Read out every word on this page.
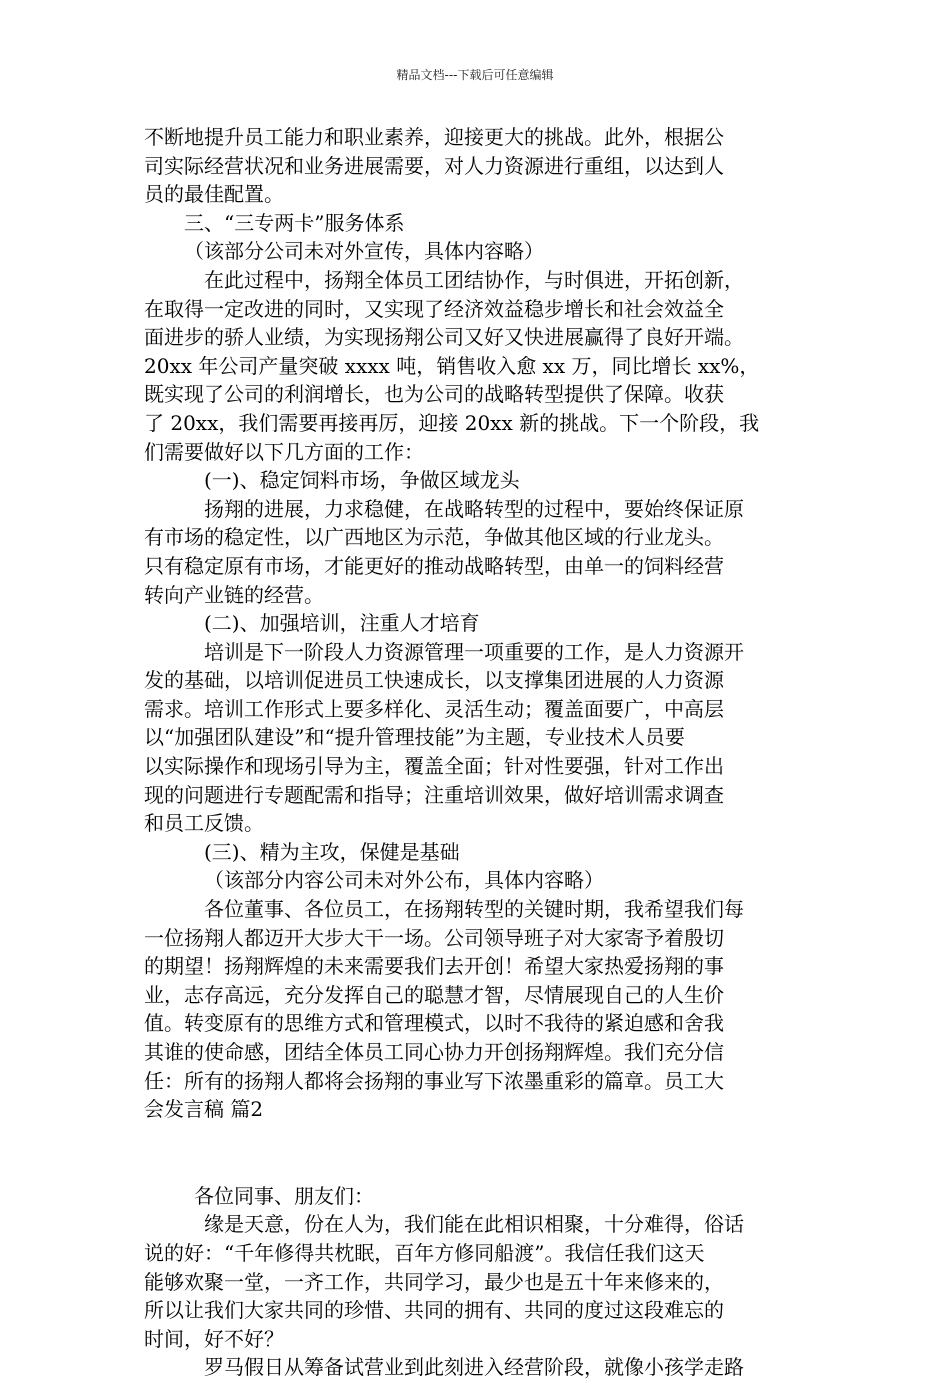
精品文档---下载后可任意编辑

不断地提升员工能力和职业素养，迎接更大的挑战。此外，根据公

司实际经营状况和业务进展需要，对人力资源进行重组，以达到人

员的最佳配置。

三、“三专两卡”服务体系

（该部分公司未对外宣传，具体内容略）

在此过程中，扬翔全体员工团结协作，与时俱进，开拓创新，

在取得一定改进的同时，又实现了经济效益稳步增长和社会效益全

面进步的骄人业绩，为实现扬翔公司又好又快进展赢得了良好开端。

20xx 年公司产量突破 xxxx 吨，销售收入愈 xx 万，同比增长 xx%，

既实现了公司的利润增长，也为公司的战略转型提供了保障。收获

了 20xx，我们需要再接再厉，迎接 20xx 新的挑战。下一个阶段，我

们需要做好以下几方面的工作：

(一)、稳定饲料市场，争做区域龙头

扬翔的进展，力求稳健，在战略转型的过程中，要始终保证原

有市场的稳定性，以广西地区为示范，争做其他区域的行业龙头。

只有稳定原有市场，才能更好的推动战略转型，由单一的饲料经营

转向产业链的经营。

(二)、加强培训，注重人才培育

培训是下一阶段人力资源管理一项重要的工作，是人力资源开

发的基础，以培训促进员工快速成长，以支撑集团进展的人力资源

需求。培训工作形式上要多样化、灵活生动；覆盖面要广，中高层

以“加强团队建设”和“提升管理技能”为主题，专业技术人员要

以实际操作和现场引导为主，覆盖全面；针对性要强，针对工作出

现的问题进行专题配需和指导；注重培训效果，做好培训需求调查

和员工反馈。

(三)、精为主攻，保健是基础

（该部分内容公司未对外公布，具体内容略）

各位董事、各位员工，在扬翔转型的关键时期，我希望我们每

一位扬翔人都迈开大步大干一场。公司领导班子对大家寄予着殷切

的期望！扬翔辉煌的未来需要我们去开创！希望大家热爱扬翔的事

业，志存高远，充分发挥自己的聪慧才智，尽情展现自己的人生价

值。转变原有的思维方式和管理模式，以时不我待的紧迫感和舍我

其谁的使命感，团结全体员工同心协力开创扬翔辉煌。我们充分信

任：所有的扬翔人都将会扬翔的事业写下浓墨重彩的篇章。员工大

会发言稿 篇2

各位同事、朋友们：

缘是天意，份在人为，我们能在此相识相聚，十分难得，俗话

说的好：“千年修得共枕眠，百年方修同船渡”。我信任我们这天

能够欢聚一堂，一齐工作，共同学习，最少也是五十年来修来的，

所以让我们大家共同的珍惜、共同的拥有、共同的度过这段难忘的

时间，好不好？

罗马假日从筹备试营业到此刻进入经营阶段，就像小孩学走路
